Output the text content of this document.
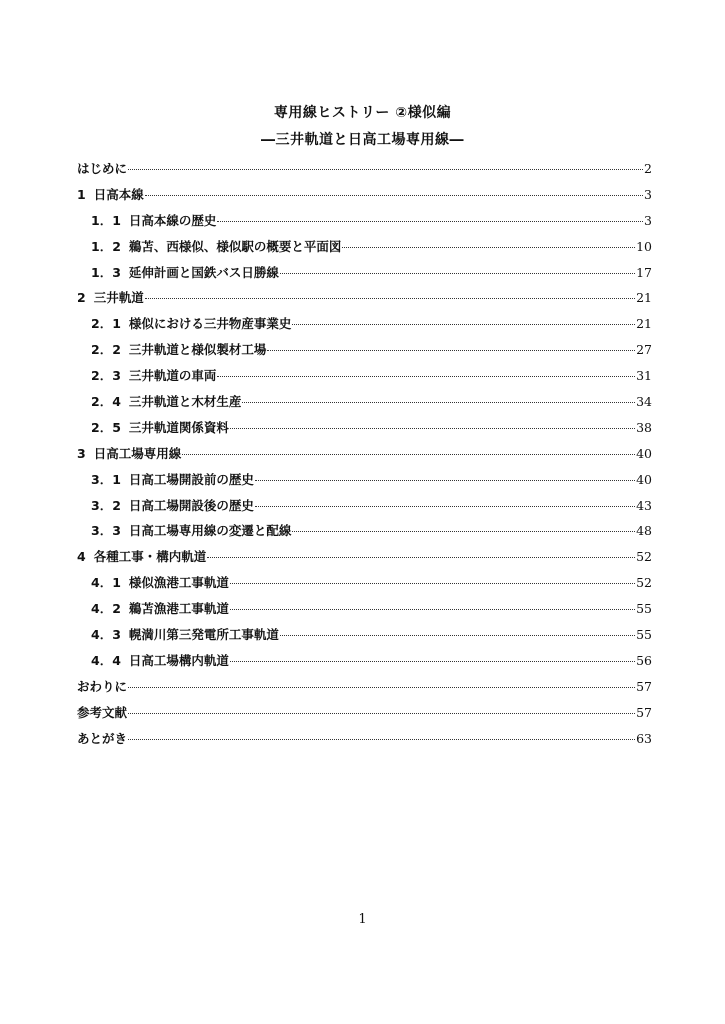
専用線ヒストリー ②様似編
―三井軌道と日高工場専用線―
はじめに	2
1 日高本線	3
1．1 日高本線の歴史	3
1．2 鵜苫、西様似、様似駅の概要と平面図	10
1．3 延伸計画と国鉄バス日勝線	17
2 三井軌道	21
2．1 様似における三井物産事業史	21
2．2 三井軌道と様似製材工場	27
2．3 三井軌道の車両	31
2．4 三井軌道と木材生産	34
2．5 三井軌道関係資料	38
3 日高工場専用線	40
3．1 日高工場開設前の歴史	40
3．2 日高工場開設後の歴史	43
3．3 日高工場専用線の変遷と配線	48
4 各種工事・構内軌道	52
4．1 様似漁港工事軌道	52
4．2 鵜苫漁港工事軌道	55
4．3 幌満川第三発電所工事軌道	55
4．4 日高工場構内軌道	56
おわりに	57
参考文献	57
あとがき	63
1
